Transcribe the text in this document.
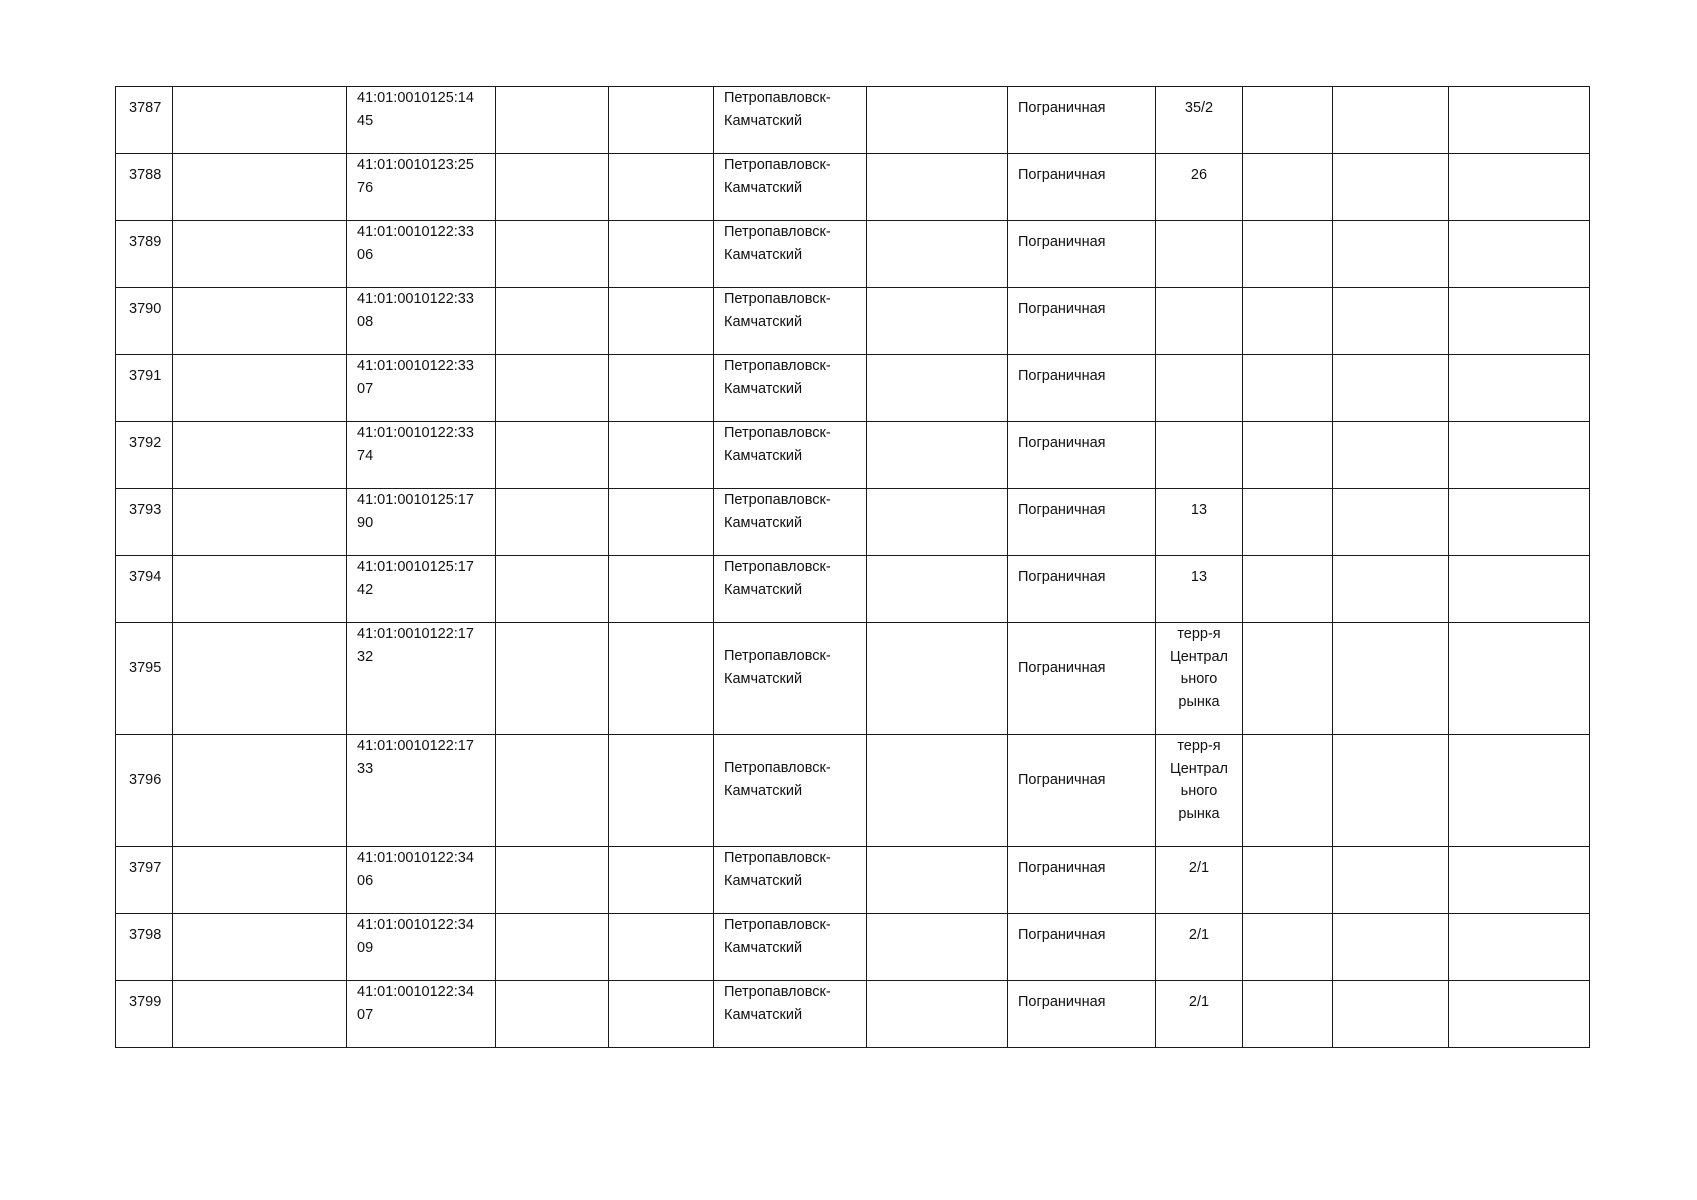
3787		41:01:0010125:14
45			Петропавловск-
Камчатский		Пограничная	35/2			

3788		41:01:0010123:25
76			Петропавловск-
Камчатский		Пограничная	26			

3789		41:01:0010122:33
06			Петропавловск-
Камчатский		Пограничная				

3790		41:01:0010122:33
08			Петропавловск-
Камчатский		Пограничная				

3791		41:01:0010122:33
07			Петропавловск-
Камчатский		Пограничная				

3792		41:01:0010122:33
74			Петропавловск-
Камчатский		Пограничная				

3793		41:01:0010125:17
90			Петропавловск-
Камчатский		Пограничная	13			

3794		41:01:0010125:17
42			Петропавловск-
Камчатский		Пограничная	13			

3795		41:01:0010122:17
32			Петропавловск-
Камчатский		Пограничная	терр-я
Централ
ьного
рынка			

3796		41:01:0010122:17
33			Петропавловск-
Камчатский		Пограничная	терр-я
Централ
ьного
рынка			

3797		41:01:0010122:34
06			Петропавловск-
Камчатский		Пограничная	2/1			

3798		41:01:0010122:34
09			Петропавловск-
Камчатский		Пограничная	2/1			

3799		41:01:0010122:34
07			Петропавловск-
Камчатский		Пограничная	2/1			
